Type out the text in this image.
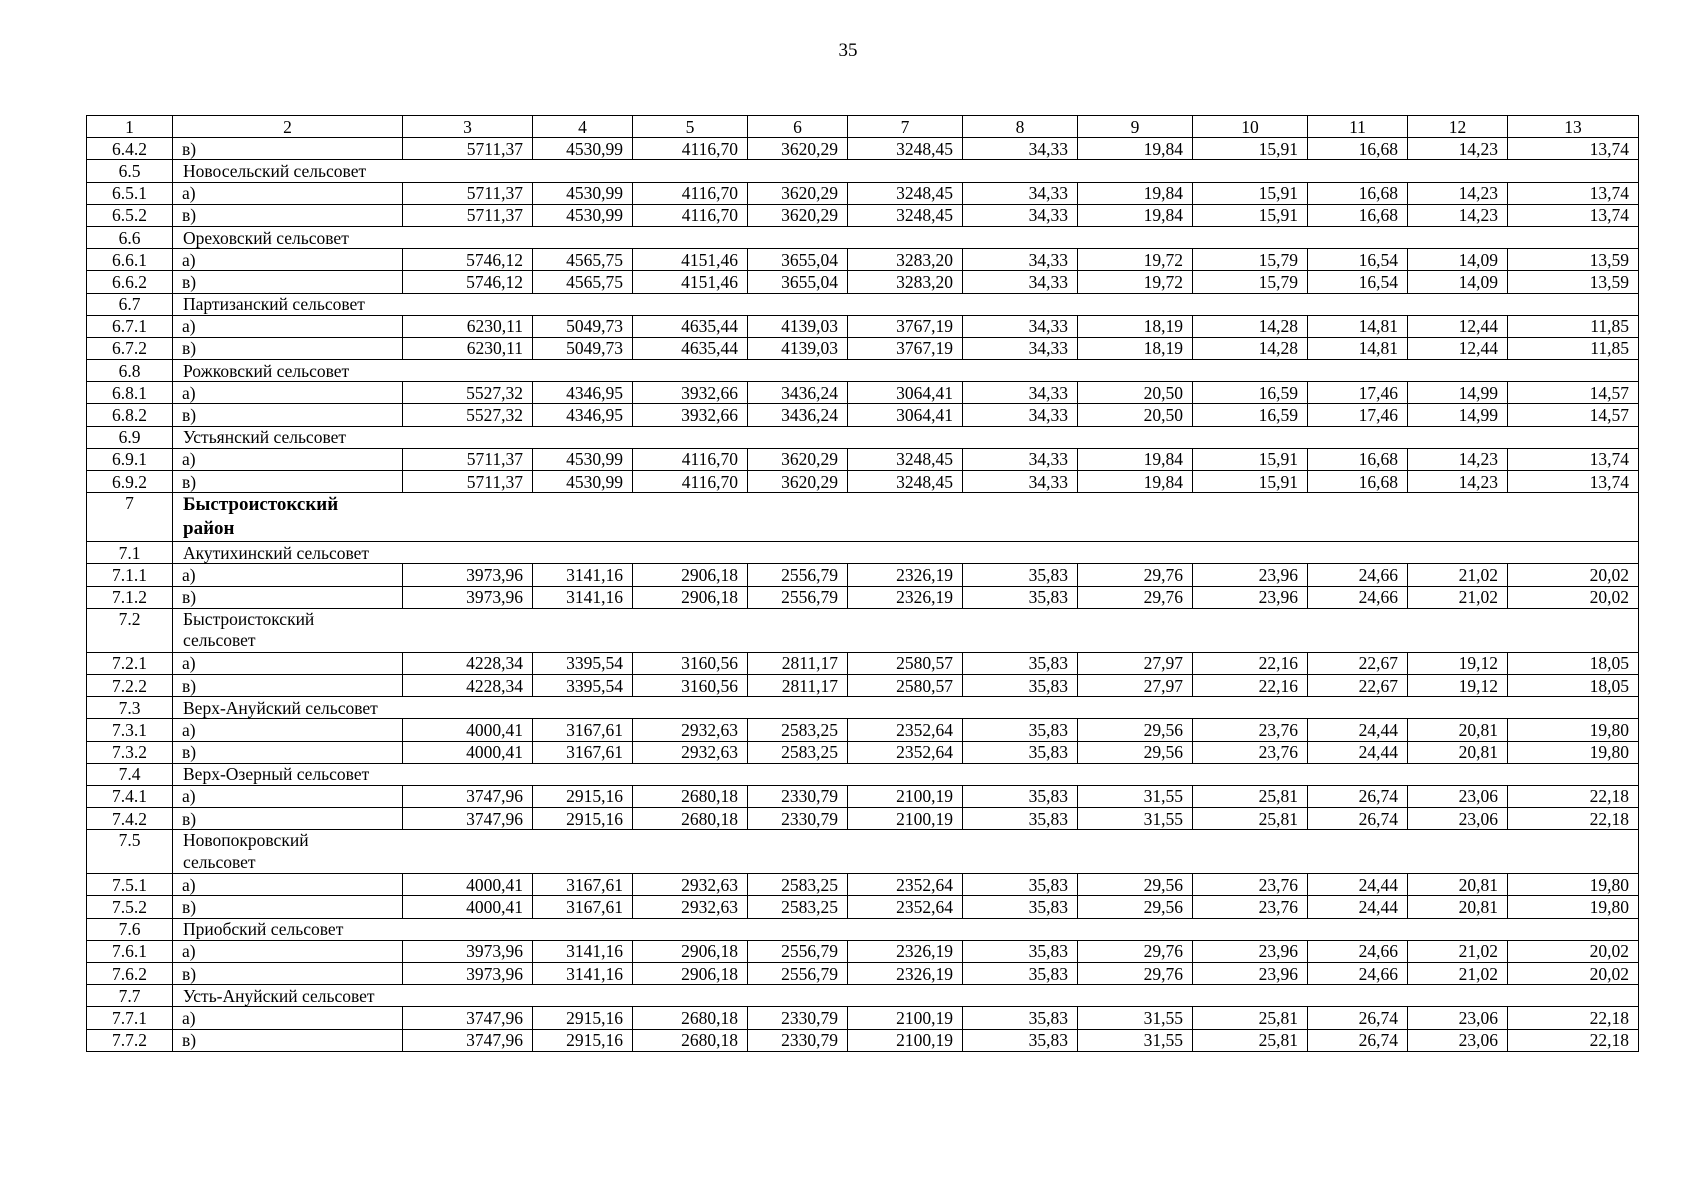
35
1	2	3	4	5	6	7	8	9	10	11	12	13
6.4.2	в)	5711,37	4530,99	4116,70	3620,29	3248,45	34,33	19,84	15,91	16,68	14,23	13,74
6.5	Новосельский сельсовет											
6.5.1	а)	5711,37	4530,99	4116,70	3620,29	3248,45	34,33	19,84	15,91	16,68	14,23	13,74
6.5.2	в)	5711,37	4530,99	4116,70	3620,29	3248,45	34,33	19,84	15,91	16,68	14,23	13,74
6.6	Ореховский сельсовет											
6.6.1	а)	5746,12	4565,75	4151,46	3655,04	3283,20	34,33	19,72	15,79	16,54	14,09	13,59
6.6.2	в)	5746,12	4565,75	4151,46	3655,04	3283,20	34,33	19,72	15,79	16,54	14,09	13,59
6.7	Партизанский сельсовет											
6.7.1	а)	6230,11	5049,73	4635,44	4139,03	3767,19	34,33	18,19	14,28	14,81	12,44	11,85
6.7.2	в)	6230,11	5049,73	4635,44	4139,03	3767,19	34,33	18,19	14,28	14,81	12,44	11,85
6.8	Рожковский сельсовет											
6.8.1	а)	5527,32	4346,95	3932,66	3436,24	3064,41	34,33	20,50	16,59	17,46	14,99	14,57
6.8.2	в)	5527,32	4346,95	3932,66	3436,24	3064,41	34,33	20,50	16,59	17,46	14,99	14,57
6.9	Устьянский сельсовет											
6.9.1	а)	5711,37	4530,99	4116,70	3620,29	3248,45	34,33	19,84	15,91	16,68	14,23	13,74
6.9.2	в)	5711,37	4530,99	4116,70	3620,29	3248,45	34,33	19,84	15,91	16,68	14,23	13,74
7	Быстроистокский
район											

7.1	Акутихинский сельсовет											
7.1.1	а)	3973,96	3141,16	2906,18	2556,79	2326,19	35,83	29,76	23,96	24,66	21,02	20,02
7.1.2	в)	3973,96	3141,16	2906,18	2556,79	2326,19	35,83	29,76	23,96	24,66	21,02	20,02
7.2	Быстроистокский
сельсовет											

7.2.1	а)	4228,34	3395,54	3160,56	2811,17	2580,57	35,83	27,97	22,16	22,67	19,12	18,05
7.2.2	в)	4228,34	3395,54	3160,56	2811,17	2580,57	35,83	27,97	22,16	22,67	19,12	18,05
7.3	Верх-Ануйский сельсовет											
7.3.1	а)	4000,41	3167,61	2932,63	2583,25	2352,64	35,83	29,56	23,76	24,44	20,81	19,80
7.3.2	в)	4000,41	3167,61	2932,63	2583,25	2352,64	35,83	29,56	23,76	24,44	20,81	19,80
7.4	Верх-Озерный сельсовет											
7.4.1	а)	3747,96	2915,16	2680,18	2330,79	2100,19	35,83	31,55	25,81	26,74	23,06	22,18
7.4.2	в)	3747,96	2915,16	2680,18	2330,79	2100,19	35,83	31,55	25,81	26,74	23,06	22,18
7.5	Новопокровский
сельсовет											

7.5.1	а)	4000,41	3167,61	2932,63	2583,25	2352,64	35,83	29,56	23,76	24,44	20,81	19,80
7.5.2	в)	4000,41	3167,61	2932,63	2583,25	2352,64	35,83	29,56	23,76	24,44	20,81	19,80
7.6	Приобский сельсовет											
7.6.1	а)	3973,96	3141,16	2906,18	2556,79	2326,19	35,83	29,76	23,96	24,66	21,02	20,02
7.6.2	в)	3973,96	3141,16	2906,18	2556,79	2326,19	35,83	29,76	23,96	24,66	21,02	20,02
7.7	Усть-Ануйский сельсовет											
7.7.1	а)	3747,96	2915,16	2680,18	2330,79	2100,19	35,83	31,55	25,81	26,74	23,06	22,18
7.7.2	в)	3747,96	2915,16	2680,18	2330,79	2100,19	35,83	31,55	25,81	26,74	23,06	22,18
